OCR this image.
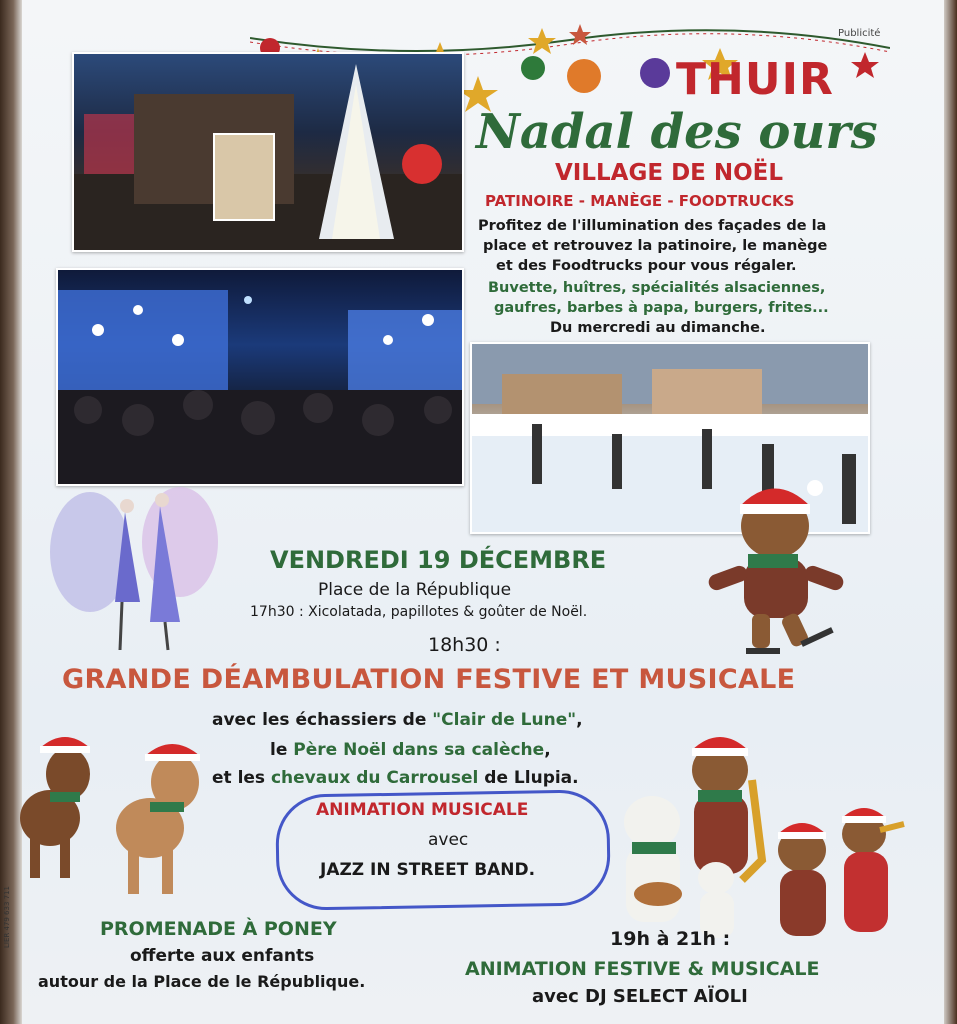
Publicité
THUIR
Nadal des ours
VILLAGE DE NOËL
PATINOIRE - MANÈGE - FOODTRUCKS
Profitez de l'illumination des façades de la
place et retrouvez la patinoire, le manège
et des Foodtrucks pour vous régaler.
Buvette, huîtres, spécialités alsaciennes,
gaufres, barbes à papa, burgers, frites...
Du mercredi au dimanche.
VENDREDI 19 DÉCEMBRE
Place de la République
17h30 : Xicolatada, papillotes & goûter de Noël.
18h30 :
GRANDE DÉAMBULATION FESTIVE ET MUSICALE
avec les échassiers de "Clair de Lune",
le Père Noël dans sa calèche,
et les chevaux du Carrousel de Llupia.
ANIMATION MUSICALE
avec
JAZZ IN STREET BAND.
PROMENADE À PONEY
offerte aux enfants
autour de la Place de le République.
19h à 21h :
ANIMATION FESTIVE & MUSICALE
avec DJ SELECT AÏOLI
LIER 479 633 711
